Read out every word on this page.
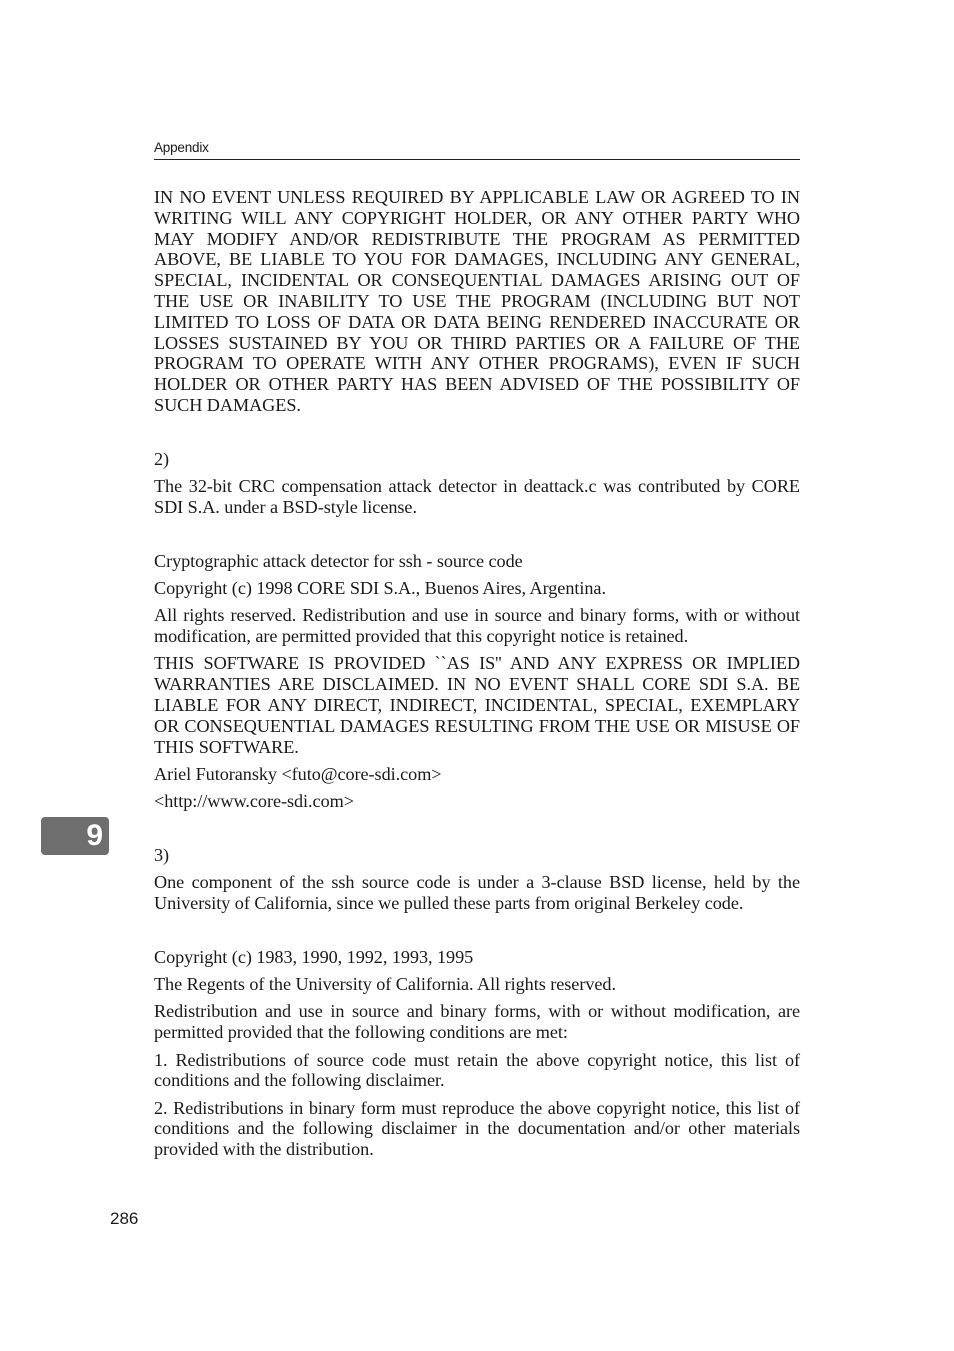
Appendix

IN NO EVENT UNLESS REQUIRED BY APPLICABLE LAW OR AGREED TO IN WRITING WILL ANY COPYRIGHT HOLDER, OR ANY OTHER PARTY WHO MAY MODIFY AND/OR REDISTRIBUTE THE PROGRAM AS PERMITTED ABOVE, BE LIABLE TO YOU FOR DAMAGES, INCLUDING ANY GENERAL, SPECIAL, INCIDENTAL OR CONSEQUENTIAL DAMAGES ARISING OUT OF THE USE OR INABILITY TO USE THE PROGRAM (INCLUDING BUT NOT LIMITED TO LOSS OF DATA OR DATA BEING RENDERED INACCURATE OR LOSSES SUSTAINED BY YOU OR THIRD PARTIES OR A FAILURE OF THE PROGRAM TO OPERATE WITH ANY OTHER PROGRAMS), EVEN IF SUCH HOLDER OR OTHER PARTY HAS BEEN ADVISED OF THE POSSIBILITY OF SUCH DAMAGES.

2)

The 32-bit CRC compensation attack detector in deattack.c was contributed by CORE SDI S.A. under a BSD-style license.

Cryptographic attack detector for ssh - source code

Copyright (c) 1998 CORE SDI S.A., Buenos Aires, Argentina.

All rights reserved. Redistribution and use in source and binary forms, with or without modification, are permitted provided that this copyright notice is retained.

THIS SOFTWARE IS PROVIDED ``AS IS'' AND ANY EXPRESS OR IMPLIED WARRANTIES ARE DISCLAIMED. IN NO EVENT SHALL CORE SDI S.A. BE LIABLE FOR ANY DIRECT, INDIRECT, INCIDENTAL, SPECIAL, EXEMPLARY OR CONSEQUENTIAL DAMAGES RESULTING FROM THE USE OR MISUSE OF THIS SOFTWARE.

Ariel Futoransky <futo@core-sdi.com>

<http://www.core-sdi.com>

3)

One component of the ssh source code is under a 3-clause BSD license, held by the University of California, since we pulled these parts from original Berkeley code.

Copyright (c) 1983, 1990, 1992, 1993, 1995

The Regents of the University of California. All rights reserved.

Redistribution and use in source and binary forms, with or without modification, are permitted provided that the following conditions are met:

1. Redistributions of source code must retain the above copyright notice, this list of conditions and the following disclaimer.

2. Redistributions in binary form must reproduce the above copyright notice, this list of conditions and the following disclaimer in the documentation and/or other materials provided with the distribution.

9
286
